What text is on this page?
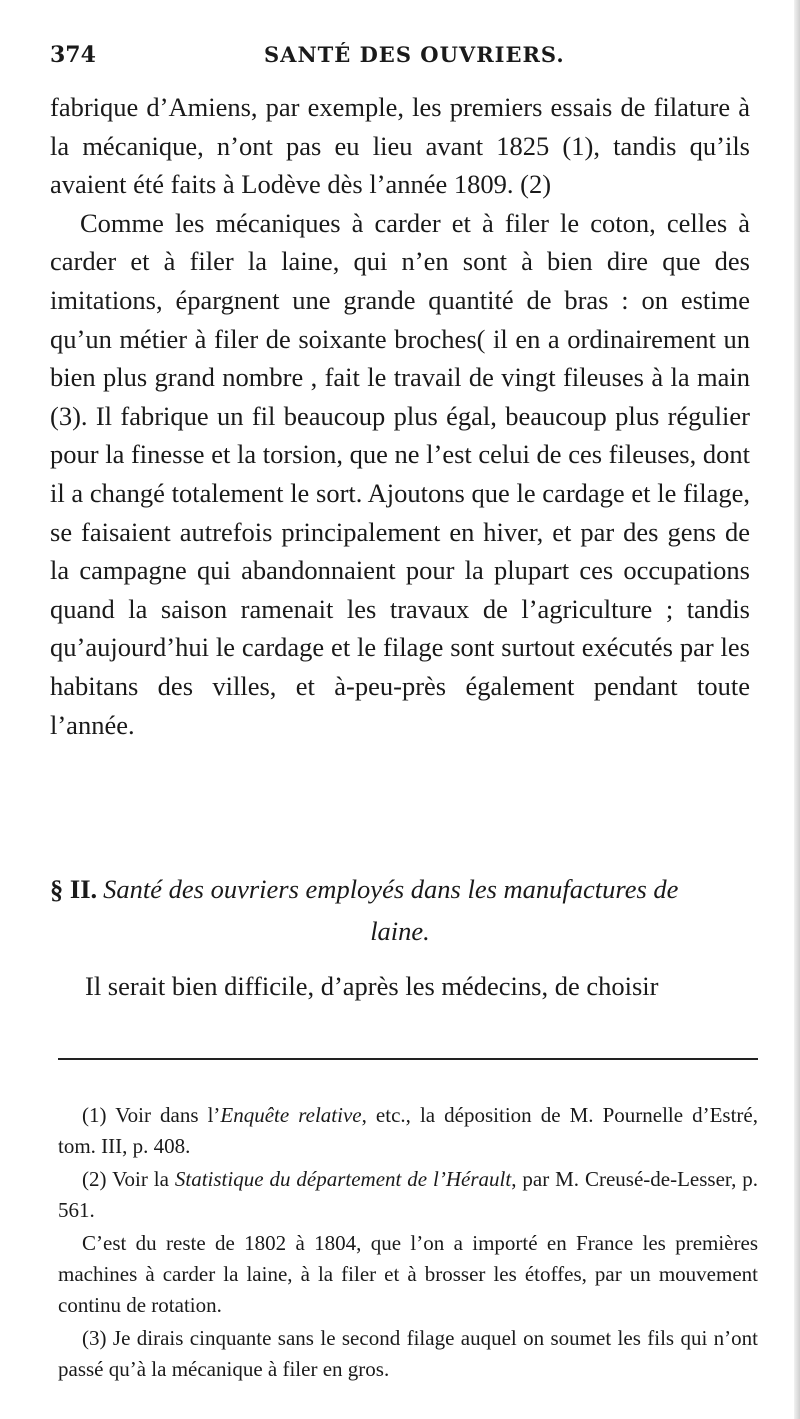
374	SANTÉ DES OUVRIERS.

fabrique d’Amiens, par exemple, les premiers essais de filature à la mécanique, n’ont pas eu lieu avant 1825 (1), tandis qu’ils avaient été faits à Lodève dès l’année 1809. (2)

Comme les mécaniques à carder et à filer le coton, celles à carder et à filer la laine, qui n’en sont à bien dire que des imitations, épargnent une grande quantité de bras : on estime qu’un métier à filer de soixante broches( il en a ordinairement un bien plus grand nombre , fait le travail de vingt fileuses à la main (3). Il fabrique un fil beaucoup plus égal, beaucoup plus régulier pour la finesse et la torsion, que ne l’est celui de ces fileuses, dont il a changé totalement le sort. Ajoutons que le cardage et le filage, se faisaient autrefois principalement en hiver, et par des gens de la campagne qui abandonnaient pour la plupart ces occupations quand la saison ramenait les travaux de l’agriculture ; tandis qu’aujourd’hui le cardage et le filage sont surtout exécutés par les habitans des villes, et à-peu-près également pendant toute l’année.

§ II. Santé des ouvriers employés dans les manufactures de
laine.
Il serait bien difficile, d’après les médecins, de choisir

(1) Voir dans l’Enquête relative, etc., la déposition de M. Pournelle d’Estré, tom. III, p. 408.

(2) Voir la Statistique du département de l’Hérault, par M. Creusé-de-Lesser, p. 561.

C’est du reste de 1802 à 1804, que l’on a importé en France les premières machines à carder la laine, à la filer et à brosser les étoffes, par un mouvement continu de rotation.

(3) Je dirais cinquante sans le second filage auquel on soumet les fils qui n’ont passé qu’à la mécanique à filer en gros.
